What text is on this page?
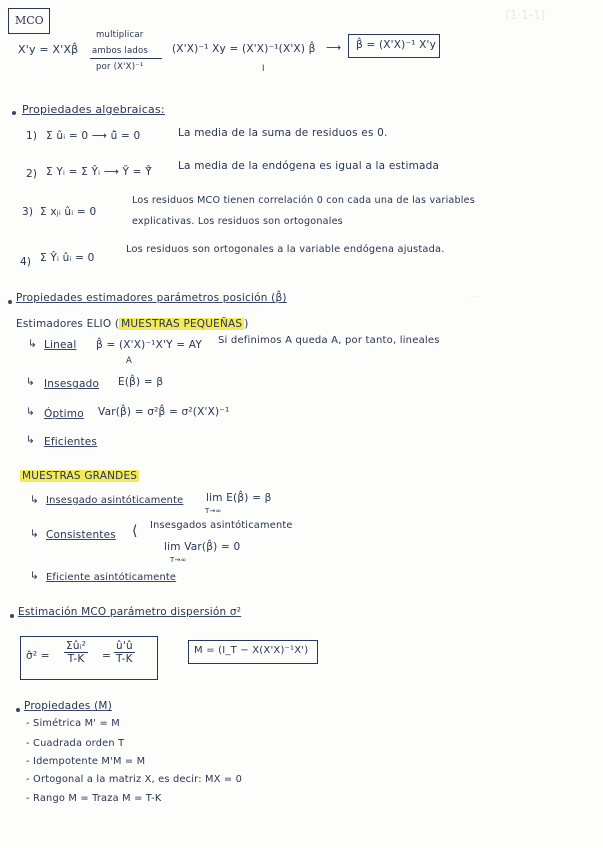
(1·1-1)
...
MCO
X'y = X'Xβ̂
multiplicar
ambos lados
por (X'X)⁻¹
(X'X)⁻¹ Xy = (X'X)⁻¹(X'X) β̂
I
⟶ β̂ = (X'X)⁻¹ X'y
Propiedades algebraicas:
1) Σ ûᵢ = 0 ⟶ û̄ = 0	La media de la suma de residuos es 0.
2) Σ Yᵢ = Σ Ŷᵢ ⟶ Ȳ = Ŷ̄ La media de la endógena es igual a la estimada
3) Σ xⱼᵢ ûᵢ = 0
Los residuos MCO tienen correlación 0 con cada una de las variables
explicativas. Los residuos son ortogonales
4) Σ Ŷᵢ ûᵢ = 0
Los residuos son ortogonales a la variable endógena ajustada.
Propiedades estimadores parámetros posición (β̂)
Estimadores ELIO ( MUESTRAS PEQUEÑAS )
↳ Lineal β̂ = (X'X)⁻¹X'Y = AY
A
Si definimos A queda A, por tanto, lineales
↳ Insesgado E(β̂) = β
↳ Óptimo Var(β̂) = σ²β̂ = σ²(X'X)⁻¹
↳ Eficientes
MUESTRAS GRANDES
↳ Insesgado asintóticamente lim E(β̂) = β
T→∞
↳ Consistentes ⟨ Insesgados asintóticamente
lim Var(β̂) = 0
T→∞
↳ Eficiente asintóticamente
Estimación MCO parámetro dispersión σ²
σ̂² = $\frac{\text{Σûᵢ²}}{T-K} = \frac{û'û}{T-K}$	M = (I_T − X(X'X)⁻¹X')
Propiedades (M)
- Simétrica M' = M
- Cuadrada orden T
- Idempotente M'M = M
- Ortogonal a la matriz X, es decir: MX = 0
- Rango M = Traza M = T-K
